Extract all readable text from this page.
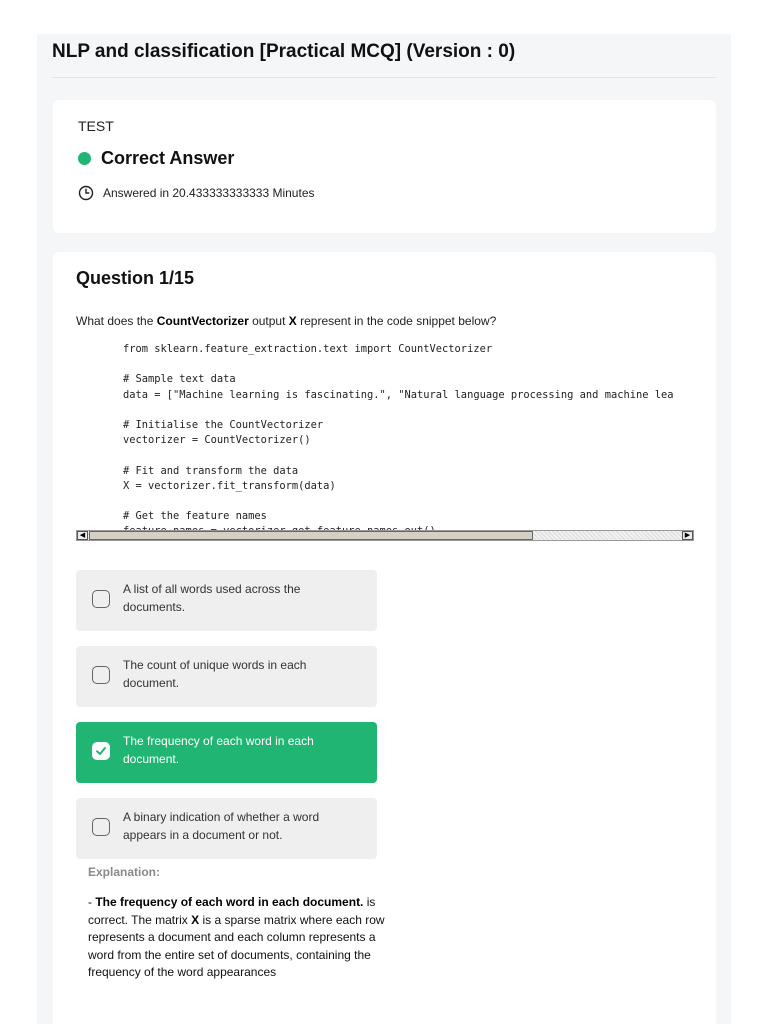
NLP and classification [Practical MCQ] (Version : 0)
TEST
Correct Answer
Answered in 20.433333333333 Minutes
Question 1/15
What does the CountVectorizer output X represent in the code snippet below?
from sklearn.feature_extraction.text import CountVectorizer

# Sample text data
data = ["Machine learning is fascinating.", "Natural language processing and machine lea

# Initialise the CountVectorizer
vectorizer = CountVectorizer()

# Fit and transform the data
X = vectorizer.fit_transform(data)

# Get the feature names

◀	▶
A list of all words used across the documents.
The count of unique words in each document.
The frequency of each word in each document.
A binary indication of whether a word appears in a document or not.
Explanation:
- The frequency of each word in each document. is correct. The matrix X is a sparse matrix where each row represents a document and each column represents a word from the entire set of documents, containing the frequency of the word appearances
